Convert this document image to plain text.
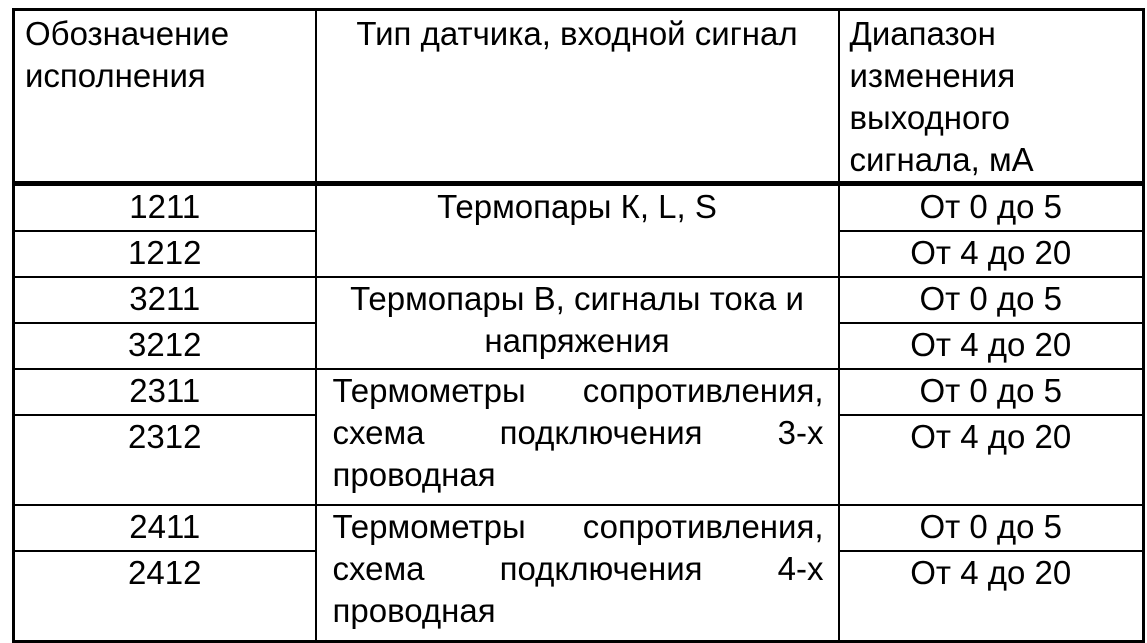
Обозначение исполнения	Тип датчика, входной сигнал	Диапазон изменения выходного сигнала, мА
1211	Термопары К, L, S	От 0 до 5
1212		От 4 до 20
3211	Термопары В, сигналы тока и напряжения	От 0 до 5
3212		От 4 до 20
2311	Термометры сопротивления, схема подключения 3-х проводная	От 0 до 5
2312		От 4 до 20

2411	Термометры сопротивления, схема подключения 4-х проводная	От 0 до 5
2412		От 4 до 20
